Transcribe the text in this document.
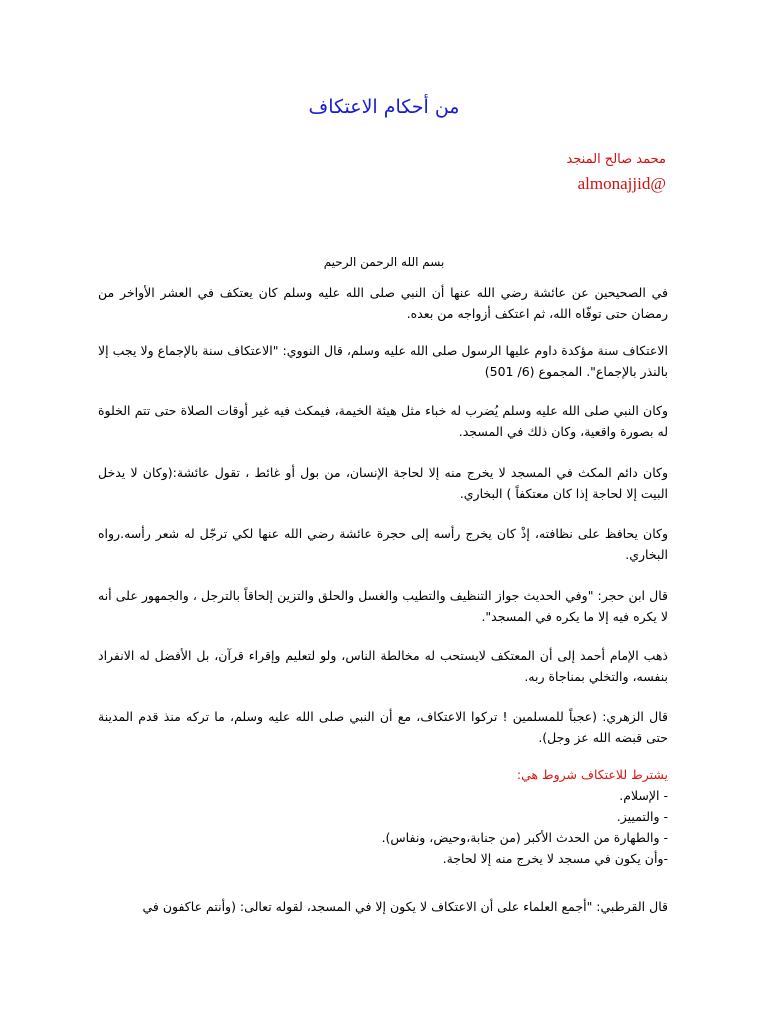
من أحكام الاعتكاف
محمد صالح المنجد
almonajjid@
بسم الله الرحمن الرحيم

في الصحيحين عن عائشة رضي الله عنها أن النبي صلى الله عليه وسلم كان يعتكف في العشر الأواخر من رمضان حتى توفّاه الله، ثم اعتكف أزواجه من بعده.

الاعتكاف سنة مؤكدة داوم عليها الرسول صلى الله عليه وسلم، قال النووي: "الاعتكاف سنة بالإجماع ولا يجب إلا بالنذر بالإجماع". المجموع (6/ 501)

وكان النبي صلى الله عليه وسلم يُضرب له خباء مثل هيئة الخيمة، فيمكث فيه غير أوقات الصلاة حتى تتم الخلوة له بصورة واقعية، وكان ذلك في المسجد.

وكان دائم المكث في المسجد لا يخرج منه إلا لحاجة الإنسان، من بول أو غائط ، تقول عائشة:(وكان لا يدخل البيت إلا لحاجة إذا كان معتكفاً ) البخاري.

وكان يحافظ على نظافته، إذْ كان يخرج رأسه إلى حجرة عائشة رضي الله عنها لكي ترجّل له شعر رأسه.رواه البخاري.

قال ابن حجر: "وفي الحديث جواز التنظيف والتطيب والغسل والحلق والتزين إلحاقاً بالترجل ، والجمهور على أنه لا يكره فيه إلا ما يكره في المسجد".

ذهب الإمام أحمد إلى أن المعتكف لايستحب له مخالطة الناس، ولو لتعليم وإقراء قرآن، بل الأفضل له الانفراد بنفسه، والتخلي بمناجاة ربه.

قال الزهري: (عجباً للمسلمين ! تركوا الاعتكاف، مع أن النبي صلى الله عليه وسلم، ما تركه منذ قدم المدينة حتى قبضه الله عز وجل).

يشترط للاعتكاف شروط هي:
- الإسلام.
- والتمييز.
- والطهارة من الحدث الأكبر (من جنابة،وحيض، ونفاس).
-وأن يكون في مسجد لا يخرج منه إلا لحاجة.

قال القرطبي: "أجمع العلماء على أن الاعتكاف لا يكون إلا في المسجد، لقوله تعالى: (وأنتم عاكفون في
